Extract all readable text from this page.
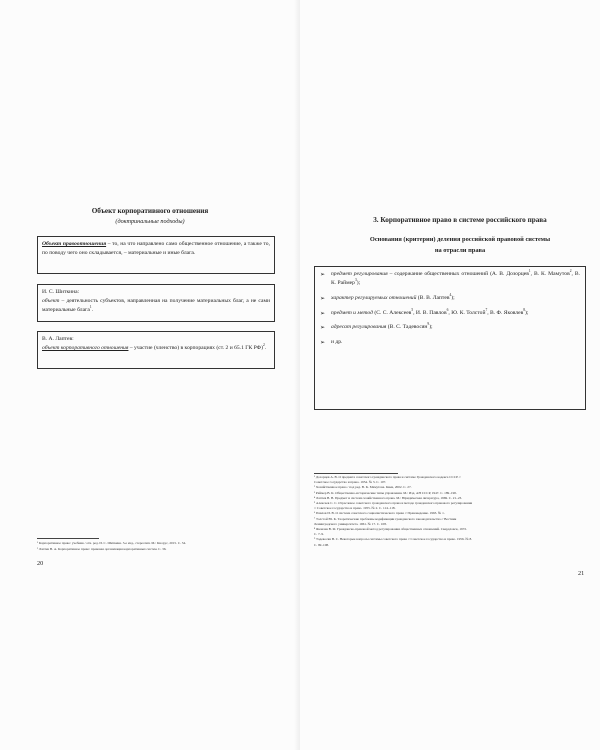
Объект корпоративного отношения
(доктринальные подходы)
Объект правоотношения – то, на что направлено само общественное отношение, а также то, по поводу чего оно складывается, – материальные и иные блага.
И. С. Шиткина:
объект – деятельность субъектов, направленная на получение материальных благ, а не сами материальные блага$^1$.
В. А. Лаптев:
объект корпоративного отношения – участие (членство) в корпорациях (ст. 2 и 65.1 ГК РФ)$^2$.
¹ Корпоративное право: учебник / отв. ред. И. С. Шиткина. 3-е изд., стереотип. М.: Кнорус, 2015. С. 34.
² Лаптев В. А. Корпоративное право: правовая организация корпоративных систем. С. 36.
20
3. Корпоративное право в системе российского права
Основания (критерии) деления российской правовой системы
на отрасли права
➢	предмет регулирования – содержание общественных отношений (А. В. Дозорцев$^1$, В. К. Мамутов$^2$, В. К. Раймер$^3$);
➢	характер регулируемых отношений (В. В. Лаптев$^4$);
➢	предмет и метод (С. С. Алексеев$^5$, И. В. Павлов$^6$, Ю. К. Толстой$^7$, В. Ф. Яковлев$^8$);
➢	адресат регулирования (В. С. Тадевосян$^9$);
➢	и др.
¹ Дозорцев А. В. О предмете советского гражданского права и системе Гражданского кодекса СССР //
Советское государство и право. 1954. № 3. С. 107.
² Хозяйственное право / под ред. В. К. Мамутова. Киев, 2002. С. 27.
³ Раймер В. К. Общественно-исторические типы управления. М.: Изд. АН СССР, 1947. С. 189–190.
⁴ Лаптев В. В. Предмет и система хозяйственного права. М.: Юридическая литература, 1969. С. 21–23.
⁵ Алексеев С. С. Отраслевое советского гражданского права и методе гражданского правового регулирования
// Советское государство и право. 1955. № 2. С. 114–118.
⁶ Павлов И. В. О системе советского социалистического права // Правоведение. 1963. № 1.
⁷ Толстой Ю. К. Теоретические проблемы кодификации гражданского законодательства // Вестник
Ленинградского университета. 1961. № 17. С. 108.
⁸ Яковлев В. Ф. Гражданско-правовой метод регулирования общественных отношений. Свердловск, 1972.
С. 7–9.
⁹ Тадевосян В. С. Некоторые вопросы системы советского права // Советское государство и право. 1956. № 8.
С. 99–108.
21
